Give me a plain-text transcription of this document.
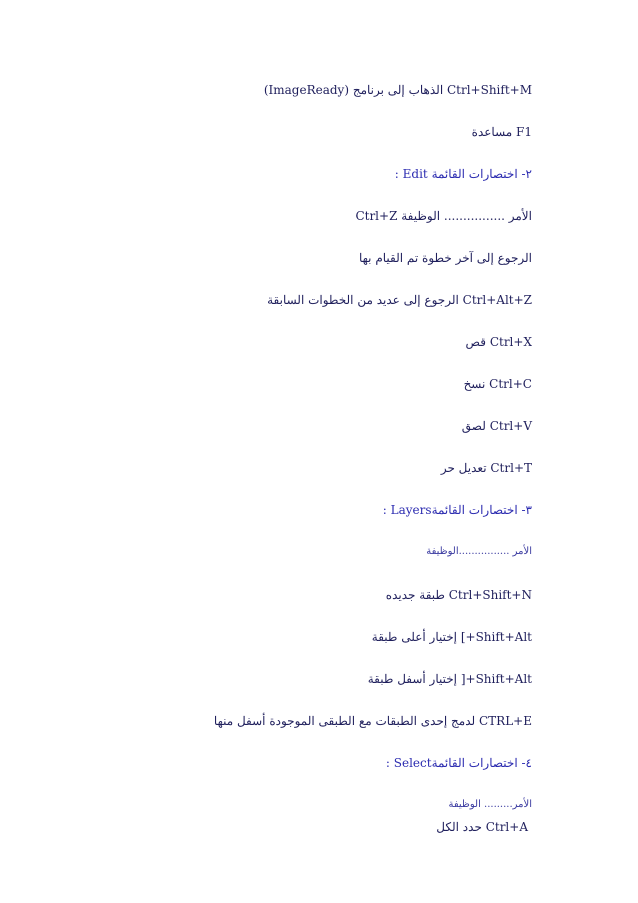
Ctrl+Shift+M الذهاب إلى برنامج (ImageReady)
F1 مساعدة
٢- اختصارات القائمة Edit :
الأمر ................ الوظيفة Ctrl+Z
الرجوع إلى آخر خطوة تم القيام بها
Ctrl+Alt+Z الرجوع إلى عديد من الخطوات السابقة
Ctrl+X قص
Ctrl+C نسخ
Ctrl+V لصق
Ctrl+T تعديل حر
٣- اختصارات القائمةLayers :
الأمر ................الوظيفة
Ctrl+Shift+N طبقة جديده
Shift+Alt+] إختيار أعلى طبقة
Shift+Alt+[ إختيار أسفل طبقة
CTRL+E لدمج إحدى الطبقات مع الطبقى الموجودة أسفل منها
٤- اختصارات القائمةSelect :
الأمر......... الوظيفة
Ctrl+A حدد الكل
